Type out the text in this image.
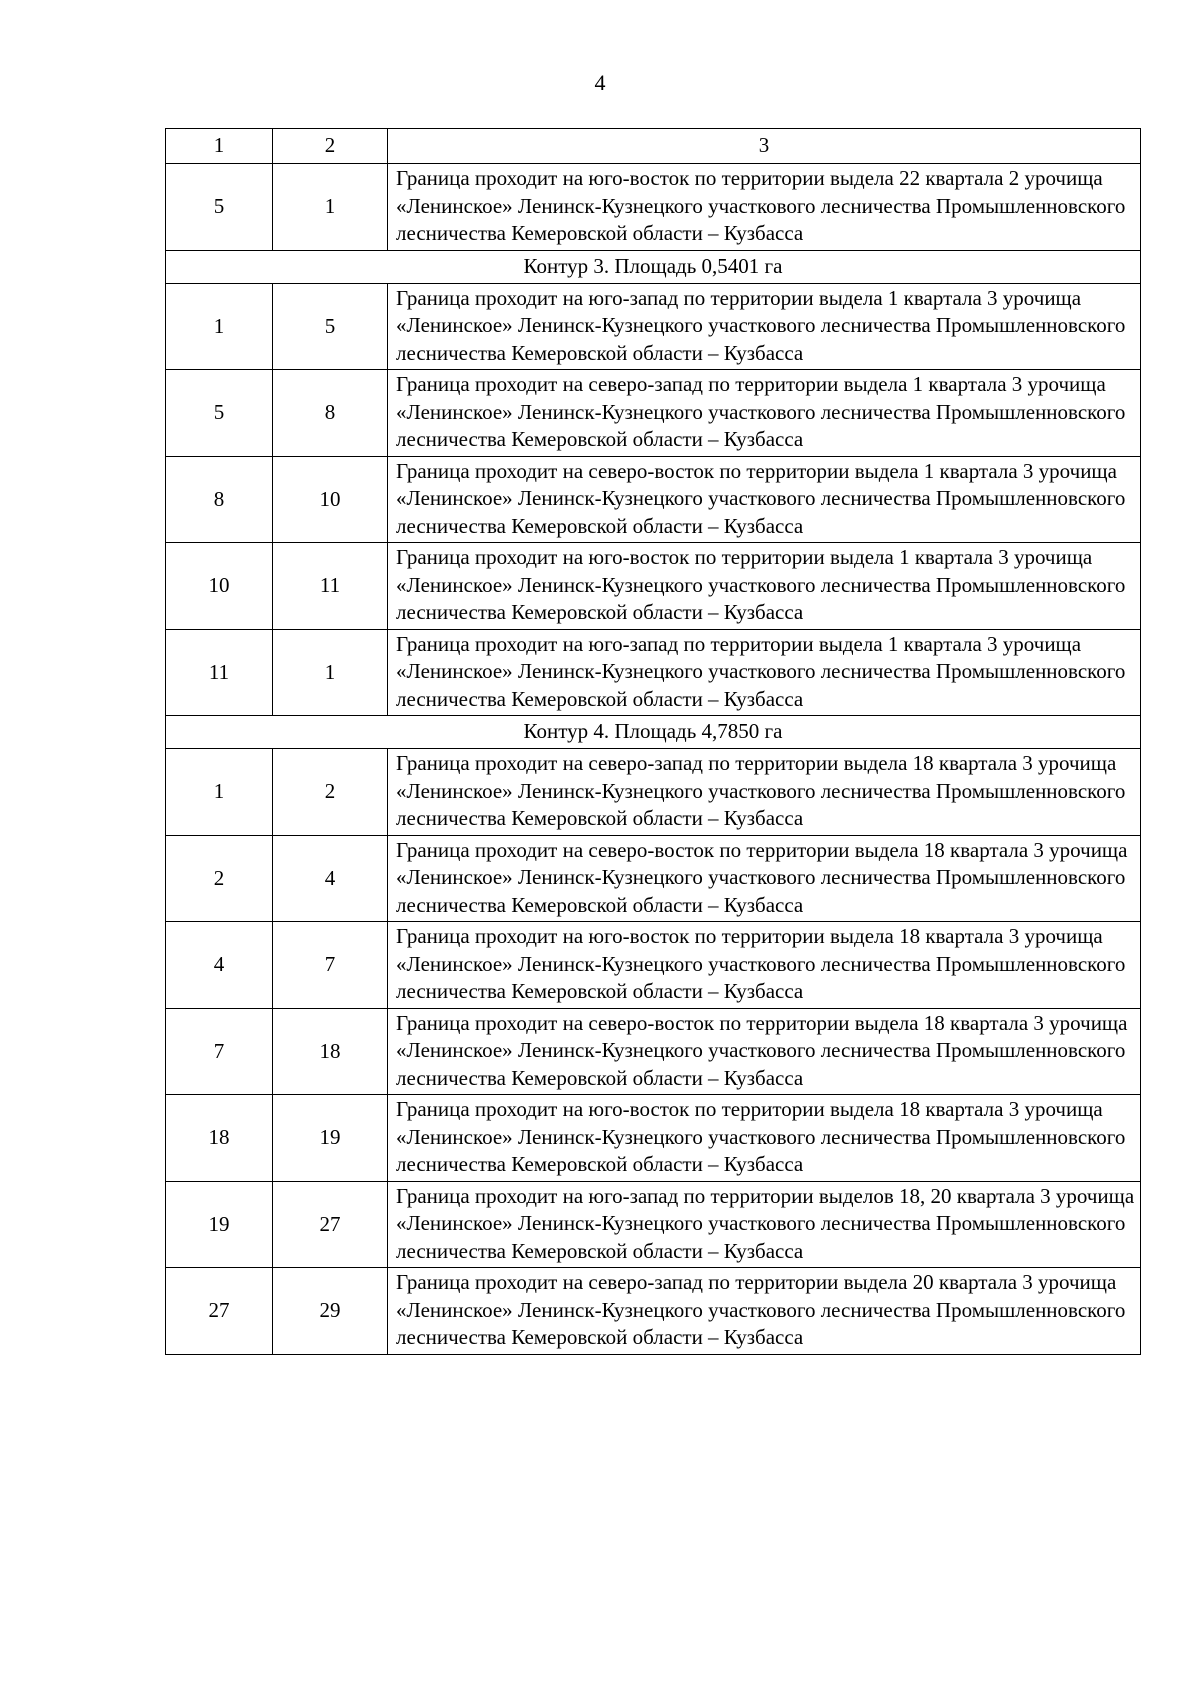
4
1	2	3
5	1	Граница проходит на юго-восток по территории выдела 22 квартала 2 урочища «Ленинское» Ленинск-Кузнецкого участкового лесничества Промышленновского лесничества Кемеровской области – Кузбасса
Контур 3. Площадь 0,5401 га		
1	5	Граница проходит на юго-запад по территории выдела 1 квартала 3 урочища «Ленинское» Ленинск-Кузнецкого участкового лесничества Промышленновского лесничества Кемеровской области – Кузбасса
5	8	Граница проходит на северо-запад по территории выдела 1 квартала 3 урочища «Ленинское» Ленинск-Кузнецкого участкового лесничества Промышленновского лесничества Кемеровской области – Кузбасса
8	10	Граница проходит на северо-восток по территории выдела 1 квартала 3 урочища «Ленинское» Ленинск-Кузнецкого участкового лесничества Промышленновского лесничества Кемеровской области – Кузбасса
10	11	Граница проходит на юго-восток по территории выдела 1 квартала 3 урочища «Ленинское» Ленинск-Кузнецкого участкового лесничества Промышленновского лесничества Кемеровской области – Кузбасса
11	1	Граница проходит на юго-запад по территории выдела 1 квартала 3 урочища «Ленинское» Ленинск-Кузнецкого участкового лесничества Промышленновского лесничества Кемеровской области – Кузбасса
Контур 4. Площадь 4,7850 га		
1	2	Граница проходит на северо-запад по территории выдела 18 квартала 3 урочища «Ленинское» Ленинск-Кузнецкого участкового лесничества Промышленновского лесничества Кемеровской области – Кузбасса
2	4	Граница проходит на северо-восток по территории выдела 18 квартала 3 урочища «Ленинское» Ленинск-Кузнецкого участкового лесничества Промышленновского лесничества Кемеровской области – Кузбасса
4	7	Граница проходит на юго-восток по территории выдела 18 квартала 3 урочища «Ленинское» Ленинск-Кузнецкого участкового лесничества Промышленновского лесничества Кемеровской области – Кузбасса
7	18	Граница проходит на северо-восток по территории выдела 18 квартала 3 урочища «Ленинское» Ленинск-Кузнецкого участкового лесничества Промышленновского лесничества Кемеровской области – Кузбасса
18	19	Граница проходит на юго-восток по территории выдела 18 квартала 3 урочища «Ленинское» Ленинск-Кузнецкого участкового лесничества Промышленновского лесничества Кемеровской области – Кузбасса
19	27	Граница проходит на юго-запад по территории выделов 18, 20 квартала 3 урочища «Ленинское» Ленинск-Кузнецкого участкового лесничества Промышленновского лесничества Кемеровской области – Кузбасса
27	29	Граница проходит на северо-запад по территории выдела 20 квартала 3 урочища «Ленинское» Ленинск-Кузнецкого участкового лесничества Промышленновского лесничества Кемеровской области – Кузбасса
